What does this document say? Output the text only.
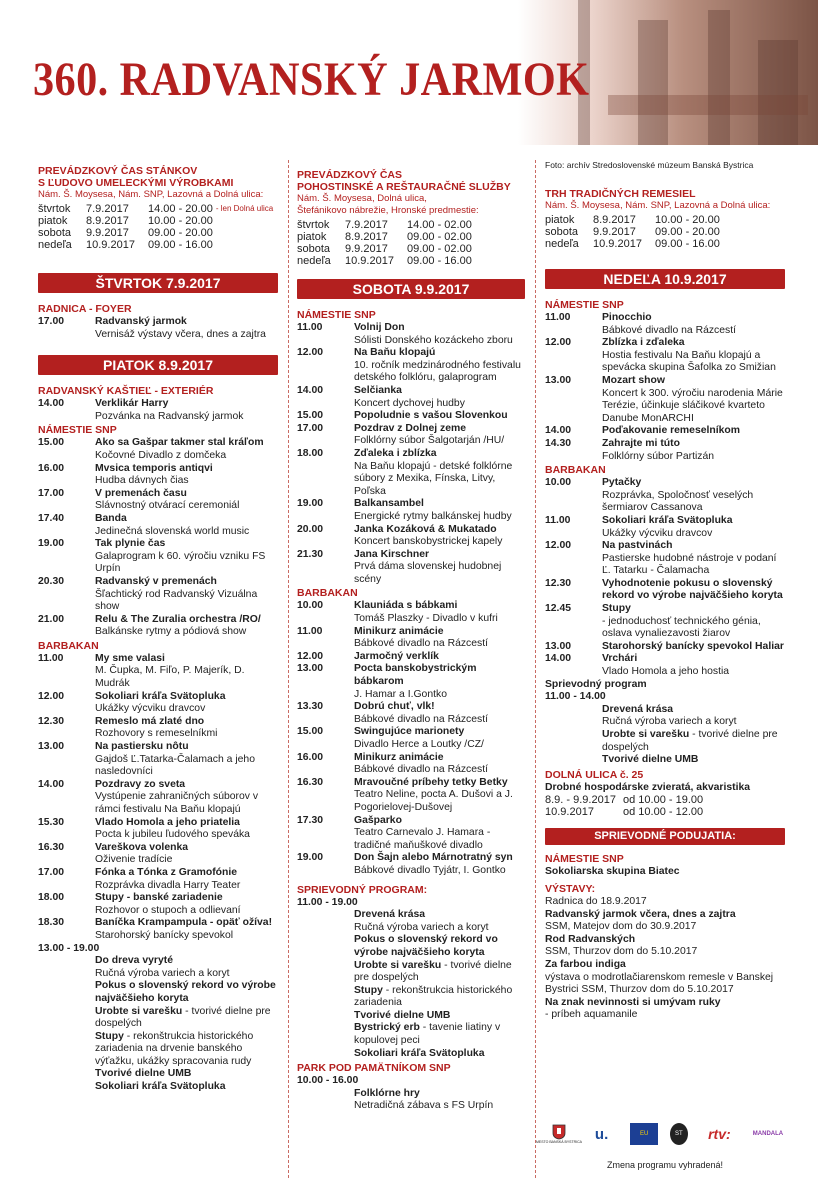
360. RADVANSKÝ JARMOK
PREVÁDZKOVÝ ČAS STÁNKOV
S ĽUDOVO UMELECKÝMI VÝROBKAMI
Nám. Š. Moysesa, Nám. SNP, Lazovná a Dolná ulica:
štvrtok	7.9.2017	14.00 - 20.00 - len Dolná ulica
piatok	8.9.2017	10.00 - 20.00
sobota	9.9.2017	09.00 - 20.00
nedeľa	10.9.2017	09.00 - 16.00
ŠTVRTOK 7.9.2017
RADNICA - FOYER
17.00	Radvanský jarmok
Vernisáž výstavy včera, dnes a zajtra
PIATOK 8.9.2017
RADVANSKÝ KAŠTIEĽ - EXTERIÉR
14.00	Verklikár Harry
Pozvánka na Radvanský jarmok
NÁMESTIE SNP
15.00	Ako sa Gašpar takmer stal kráľom
Kočovné Divadlo z domčeka
16.00	Mvsica temporis antiqvi
Hudba dávnych čias
17.00	V premenách času
Slávnostný otvárací ceremoniál
17.40	Banda
Jedinečná slovenská world music
19.00	Tak plynie čas
Galaprogram k 60. výročiu vzniku FS Urpín
20.30	Radvanský v premenách
Šľachtický rod Radvanský Vizuálna show
21.00	Relu & The Zuralia orchestra /RO/
Balkánske rytmy a pódiová show
BARBAKAN
11.00	My sme valasi
M. Čupka, M. Fiľo, P. Majerík, D. Mudrák
12.00	Sokoliari kráľa Svätopluka
Ukážky výcviku dravcov
12.30	Remeslo má zlaté dno
Rozhovory s remeselníkmi
13.00	Na pastiersku nôtu
Gajdoš Ľ.Tatarka-Čalamach a jeho nasledovníci
14.00	Pozdravy zo sveta
Vystúpenie zahraničných súborov v rámci festivalu Na Baňu klopajú
15.30	Vlado Homola a jeho priatelia
Pocta k jubileu ľudového speváka
16.30	Vareškova volenka
Oživenie tradície
17.00	Fónka a Tónka z Gramofónie
Rozprávka divadla Harry Teater
18.00	Stupy - banské zariadenie
Rozhovor o stupoch a odlievaní
18.30	Baníčka Krampampula - opäť ožíva!
Starohorský banícky spevokol
13.00 - 19.00
Do dreva vyryté
Ručná výroba variech a koryt
Pokus o slovenský rekord vo výrobe najväčšieho koryta
Urobte si varešku - tvorivé dielne pre dospelých
Stupy - rekonštrukcia historického zariadenia na drvenie banského výťažku, ukážky spracovania rudy
Tvorivé dielne UMB
Sokoliari kráľa Svätopluka
PREVÁDZKOVÝ ČAS
POHOSTINSKÉ A REŠTAURAČNÉ SLUŽBY
Nám. Š. Moysesa, Dolná ulica,
Štefánikovo nábrežie, Hronské predmestie:
štvrtok	7.9.2017	14.00 - 02.00
piatok	8.9.2017	09.00 - 02.00
sobota	9.9.2017	09.00 - 02.00
nedeľa	10.9.2017	09.00 - 16.00
SOBOTA 9.9.2017
NÁMESTIE SNP
11.00	Volnij Don
Sólisti Donského kozáckeho zboru
12.00	Na Baňu klopajú
10. ročník medzinárodného festivalu detského folklóru, galaprogram
14.00	Selčianka
Koncert dychovej hudby
15.00	Popoludnie s vašou Slovenkou
17.00	Pozdrav z Dolnej zeme
Folklórny súbor Šalgotarján /HU/
18.00	Zďaleka i zblízka
Na Baňu klopajú - detské folklórne súbory z Mexika, Fínska, Litvy, Poľska
19.00	Balkansambel
Energické rytmy balkánskej hudby
20.00	Janka Kozáková & Mukatado
Koncert banskobystrickej kapely
21.30	Jana Kirschner
Prvá dáma slovenskej hudobnej scény
BARBAKAN
10.00	Klauniáda s bábkami
Tomáš Plaszky - Divadlo v kufri
11.00	Minikurz animácie
Bábkové divadlo na Rázcestí
12.00	Jarmočný verklík
13.00	Pocta banskobystrickým bábkarom
J. Hamar a I.Gontko
13.30	Dobrú chuť, vlk!
Bábkové divadlo na Rázcestí
15.00	Swingujúce marionety
Divadlo Herce a Loutky /CZ/
16.00	Minikurz animácie
Bábkové divadlo na Rázcestí
16.30	Mravoučné príbehy tetky Betky
Teatro Neline, pocta A. Dušovi a J. Pogorielovej-Dušovej
17.30	Gašparko
Teatro Carnevalo J. Hamara - tradičné maňuškové divadlo
19.00	Don Šajn alebo Márnotratný syn
Bábkové divadlo Tyjátr, I. Gontko
SPRIEVODNÝ PROGRAM:
11.00 - 19.00
Drevená krása
Ručná výroba variech a koryt
Pokus o slovenský rekord vo výrobe najväčšieho koryta
Urobte si varešku - tvorivé dielne pre dospelých
Stupy - rekonštrukcia historického zariadenia
Tvorivé dielne UMB
Bystrický erb - tavenie liatiny v kopulovej peci
Sokoliari kráľa Svätopluka
PARK POD PAMÄTNÍKOM SNP
10.00 - 16.00
Folklórne hry
Netradičná zábava s FS Urpín
Foto: archív Stredoslovenské múzeum Banská Bystrica
TRH TRADIČNÝCH REMESIEL
Nám. Š. Moysesa, Nám. SNP, Lazovná a Dolná ulica:
piatok	8.9.2017	10.00 - 20.00
sobota	9.9.2017	09.00 - 20.00
nedeľa	10.9.2017	09.00 - 16.00
NEDEĽA 10.9.2017
NÁMESTIE SNP
11.00	Pinocchio
Bábkové divadlo na Rázcestí
12.00	Zblízka i zďaleka
Hostia festivalu Na Baňu klopajú a spevácka skupina Šafolka zo Smižian
13.00	Mozart show
Koncert k 300. výročiu narodenia Márie Terézie, účinkuje sláčikové kvarteto Danube MonARCHI
14.00	Poďakovanie remeselníkom
14.30	Zahrajte mi túto
Folklórny súbor Partizán
BARBAKAN
10.00	Pytačky
Rozprávka, Spoločnosť veselých šermiarov Cassanova
11.00	Sokoliari kráľa Svätopluka
Ukážky výcviku dravcov
12.00	Na pastvinách
Pastierske hudobné nástroje v podaní Ľ. Tatarku - Čalamacha
12.30	Vyhodnotenie pokusu o slovenský rekord vo výrobe najväčšieho koryta
12.45	Stupy
- jednoduchosť technického génia, oslava vynaliezavosti žiarov
13.00	Starohorský banícky spevokol Haliar
14.00	Vrchári
Vlado Homola a jeho hostia
Sprievodný program
11.00 - 14.00
Drevená krása
Ručná výroba variech a koryt
Urobte si varešku - tvorivé dielne pre dospelých
Tvorivé dielne UMB
DOLNÁ ULICA č. 25
Drobné hospodárske zvieratá, akvaristika
8.9. - 9.9.2017 od 10.00 - 19.00
10.9.2017	od 10.00 - 12.00
SPRIEVODNÉ PODUJATIA:
NÁMESTIE SNP
Sokoliarska skupina Biatec
VÝSTAVY:
Radnica do 18.9.2017
Radvanský jarmok včera, dnes a zajtra
SSM, Matejov dom do 30.9.2017
Rod Radvanských
SSM, Thurzov dom do 5.10.2017
Za farbou indiga
výstava o modrotlačiarenskom remesle v Banskej Bystrici SSM, Thurzov dom do 5.10.2017
Na znak nevinnosti si umývam ruky
- príbeh aquamanile
MESTO BANSKÁ BYSTRICA u.	EU	ST rtv:	MANDALA
Zmena programu vyhradená!
